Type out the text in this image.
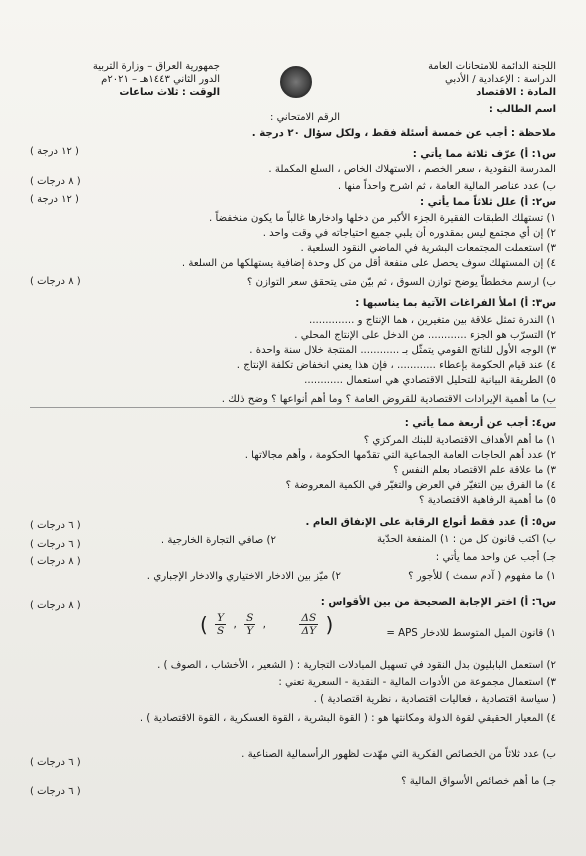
اللجنة الدائمة للامتحانات العامة
الدراسة : الإعدادية / الأدبي
المادة : الاقتصاد
اسم الطالب :
جمهورية العراق – وزارة التربية
الدور الثاني ١٤٤٣هـ – ٢٠٢١م
الوقت : ثلاث ساعات
الرقم الامتحاني :
ملاحظة : أجب عن خمسة أسئلة فقط ، ولكل سؤال ٢٠ درجة .
س١: أ) عرّف ثلاثة مما يأتي :
( ١٢ درجة )
المدرسة النقودية ، سعر الخصم ، الاستهلاك الخاص ، السلع المكملة .
ب) عدد عناصر المالية العامة ، ثم اشرح واحداً منها .
( ٨ درجات )
س٢: أ) علل ثلاثاً مما يأتي :
( ١٢ درجة )
١) تستهلك الطبقات الفقيرة الجزء الأكبر من دخلها وادخارها غالباً ما يكون منخفضاً .
٢) إن أي مجتمع ليس بمقدوره أن يلبي جميع احتياجاته في وقت واحد .
٣) استعملت المجتمعات البشرية في الماضي النقود السلعية .
٤) إن المستهلك سوف يحصل على منفعة أقل من كل وحدة إضافية يستهلكها من السلعة .
ب) ارسم مخططاً يوضح توازن السوق ، ثم بيّن متى يتحقق سعر التوازن ؟
( ٨ درجات )
س٣: أ) املأ الفراغات الآتية بما يناسبها :
١) الندرة تمثل علاقة بين متغيرين ، هما الإنتاج و ..............
٢) التسرّب هو الجزء ............ من الدخل على الإنتاج المحلي .
٣) الوجه الأول للناتج القومي يتمثّل بـ ............ المنتجة خلال سنة واحدة .
٤) عند قيام الحكومة بإعطاء ............ ، فإن هذا يعني انخفاض تكلفة الإنتاج .
٥) الطريقة البيانية للتحليل الاقتصادي هي استعمال ............
ب) ما أهمية الإيرادات الاقتصادية للقروض العامة ؟ وما أهم أنواعها ؟ وضح ذلك .
س٤: أجب عن أربعة مما يأتي :
١) ما أهم الأهداف الاقتصادية للبنك المركزي ؟
٢) عدد أهم الحاجات العامة الجماعية التي تقدّمها الحكومة ، وأهم مجالاتها .
٣) ما علاقة علم الاقتصاد بعلم النفس ؟
٤) ما الفرق بين التغيّر في العرض والتغيّر في الكمية المعروضة ؟
٥) ما أهمية الرفاهية الاقتصادية ؟
س٥: أ) عدد فقط أنواع الرقابة على الإنفاق العام .
( ٦ درجات )
ب) اكتب قانون كل من : ١) المنفعة الحدّية
٢) صافي التجارة الخارجية .
( ٦ درجات )
جـ) أجب عن واحد مما يأتي :
( ٨ درجات )
١) ما مفهوم ( آدم سمث ) للأجور ؟
٢) ميّز بين الادخار الاختياري والادخار الإجباري .
س٦: أ) اختر الإجابة الصحيحة من بين الأقواس :
( ٨ درجات )
١) قانون الميل المتوسط للادخار APS =
( $\frac{Y}{S}$ , $\frac{S}{Y}$ ,	$\frac{\Delta S}{\Delta Y}$ )
٢) استعمل البابليون بدل النقود في تسهيل المبادلات التجارية : ( الشعير ، الأخشاب ، الصوف ) .
٣) استعمال مجموعة من الأدوات المالية - النقدية - السعرية تعني :
( سياسة اقتصادية ، فعاليات اقتصادية ، نظرية اقتصادية ) .
٤) المعيار الحقيقي لقوة الدولة ومكانتها هو : ( القوة البشرية ، القوة العسكرية ، القوة الاقتصادية ) .
ب) عدد ثلاثاً من الخصائص الفكرية التي مهّدت لظهور الرأسمالية الصناعية .
( ٦ درجات )
جـ) ما أهم خصائص الأسواق المالية ؟
( ٦ درجات )
